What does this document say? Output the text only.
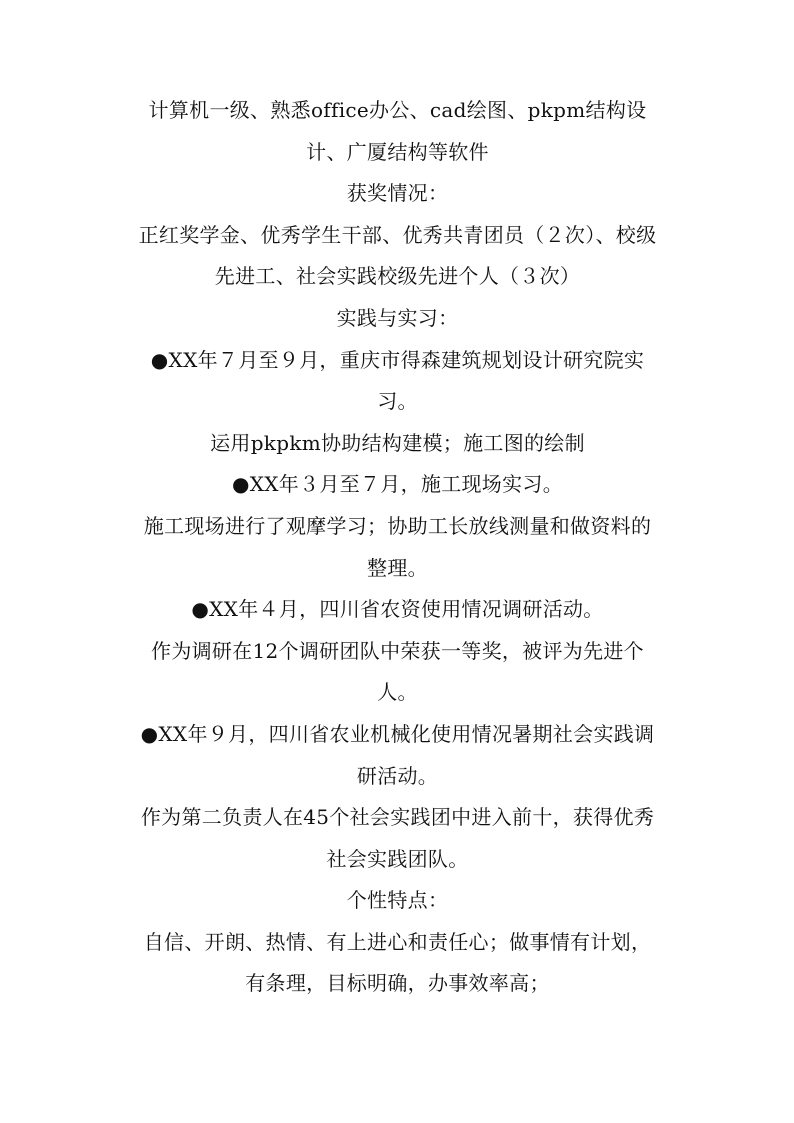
计算机一级、熟悉office办公、cad绘图、pkpm结构设

计、广厦结构等软件

获奖情况：

正红奖学金、优秀学生干部、优秀共青团员（２次）、校级

先进工、社会实践校级先进个人（３次）

实践与实习：

●XX年７月至９月，重庆市得森建筑规划设计研究院实

习。

运用pkpkm协助结构建模；施工图的绘制

●XX年３月至７月，施工现场实习。

施工现场进行了观摩学习；协助工长放线测量和做资料的

整理。

●XX年４月，四川省农资使用情况调研活动。

作为调研在12个调研团队中荣获一等奖，被评为先进个

人。

●XX年９月，四川省农业机械化使用情况暑期社会实践调

研活动。

作为第二负责人在45个社会实践团中进入前十，获得优秀

社会实践团队。

个性特点：

自信、开朗、热情、有上进心和责任心；做事情有计划，

有条理，目标明确，办事效率高；
